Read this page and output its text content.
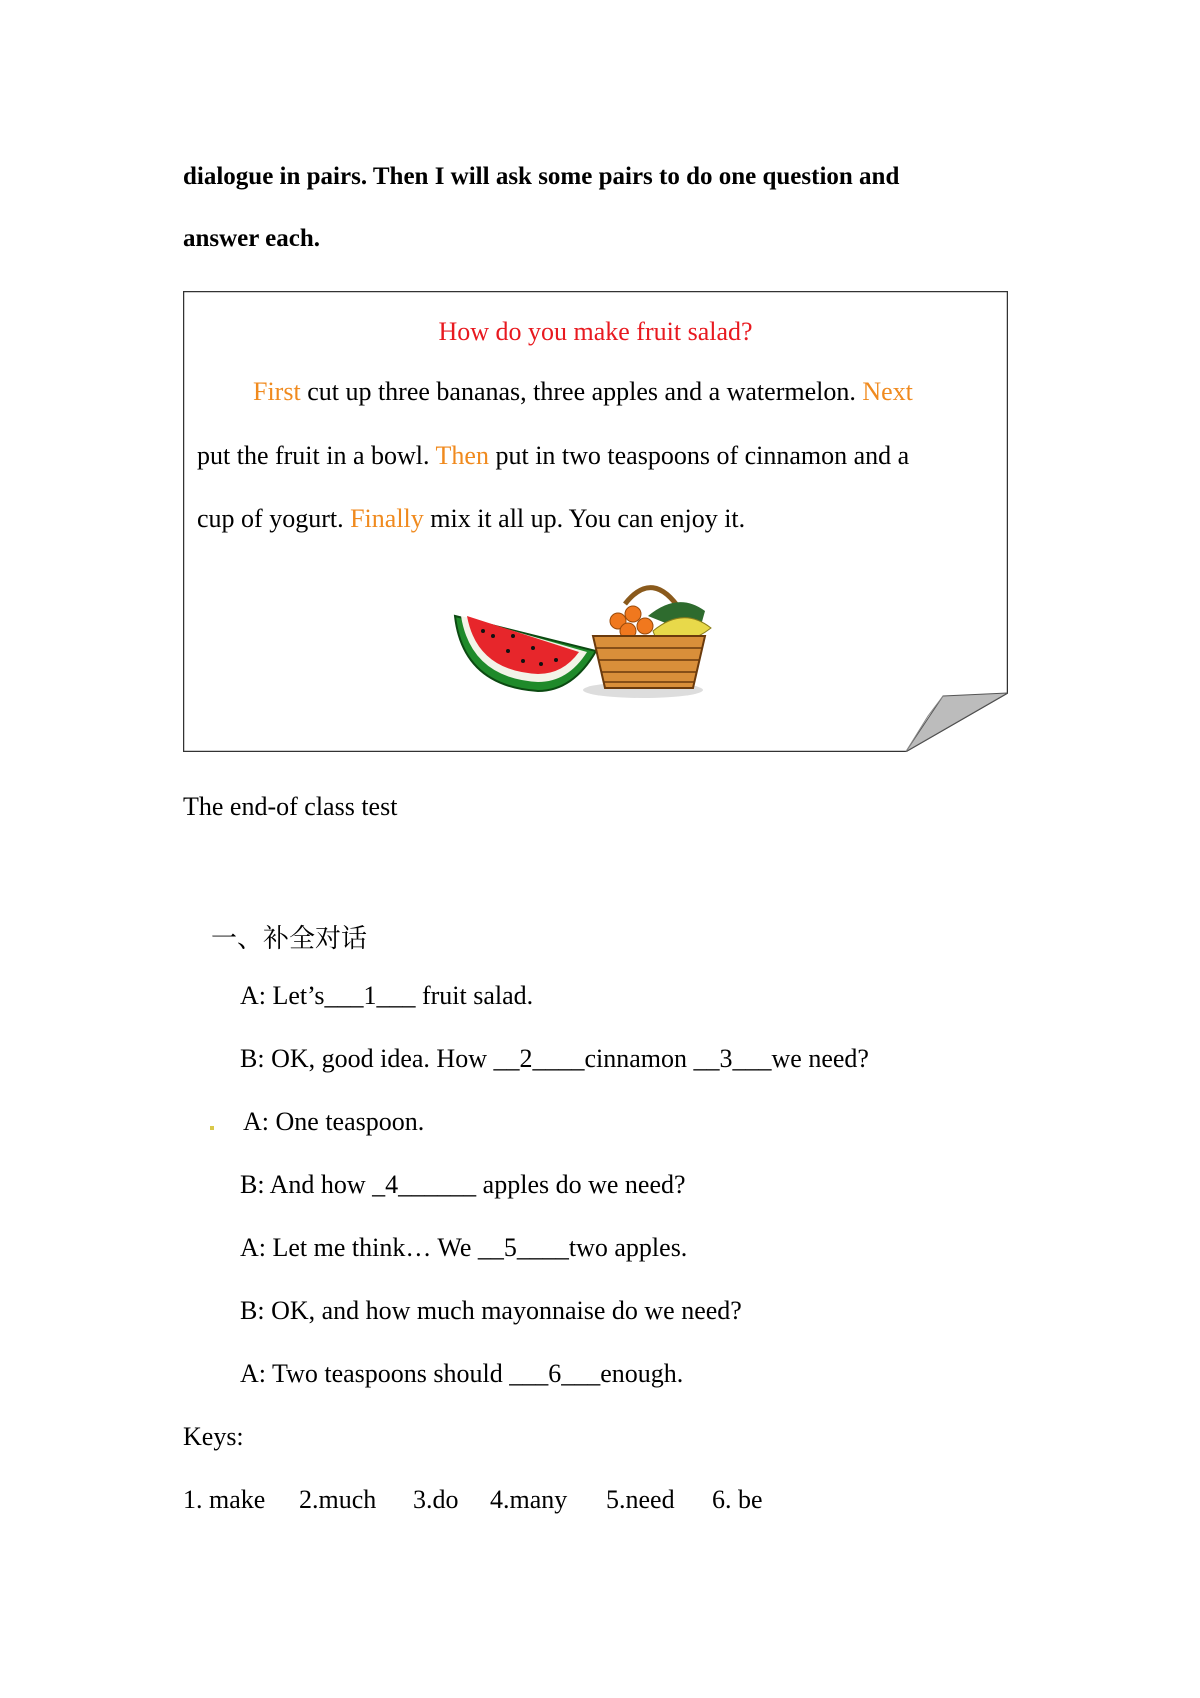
dialogue in pairs. Then I will ask some pairs to do one question and
answer each.
How do you make fruit salad?
First cut up three bananas, three apples and a watermelon. Next
put the fruit in a bowl. Then put in two teaspoons of cinnamon and a
cup of yogurt. Finally mix it all up. You can enjoy it.
The end-of class test
一、补全对话
A: Let’s___1___ fruit salad.
B: OK, good idea. How __2____cinnamon __3___we need?
A: One teaspoon.
B: And how _4______ apples do we need?
A: Let me think… We __5____two apples.
B: OK, and how much mayonnaise do we need?
A: Two teaspoons should ___6___enough.
Keys:
1. make 2.much 3.do 4.many 5.need 6. be
